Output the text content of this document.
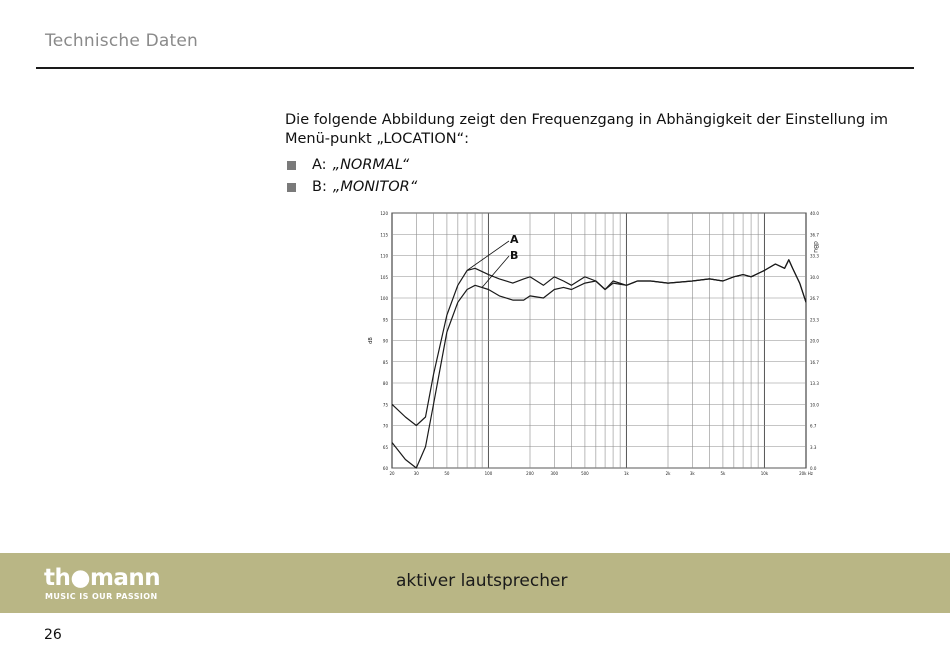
Technische Daten
Die folgende Abbildung zeigt den Frequenzgang in Abhängigkeit der Einstellung im Menü-punkt „LOCATION“:
A: „NORMAL“
B: „MONITOR“
60
65
70
75
80
85
90
95
100
105
110
115
120
0.0
3.3
6.7
10.0
13.3
16.7
20.0
23.3
26.7
30.0
33.3
36.7
40.0
20	30	50	100	200	300	500	1k	2k	3k	5k	10k	20k Hz
dB
dBu
A
B
th●mann
MUSIC IS OUR PASSION
aktiver lautsprecher
26
